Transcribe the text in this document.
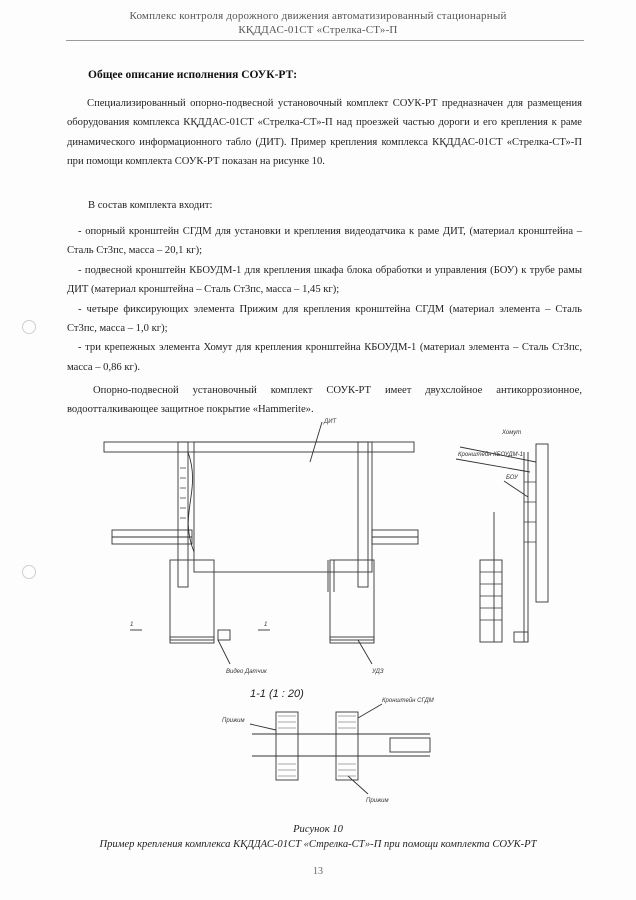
Комплекс контроля дорожного движения автоматизированный стационарный
КҚДДАС-01СТ «Стрелка-СТ»-П
Общее описание исполнения СОУК-РТ:

Специализированный опорно-подвесной установочный комплект СОУК-РТ предназначен для размещения оборудования комплекса КҚДДАС-01СТ «Стрелка-СТ»-П над проезжей частью дороги и его крепления к раме динамического информационного табло (ДИТ). Пример крепления комплекса КҚДДАС-01СТ «Стрелка-СТ»-П при помощи комплекта СОУК-РТ показан на рисунке 10.

В состав комплекта входит:
- опорный кронштейн СГДМ для установки и крепления видеодатчика к раме ДИТ, (материал кронштейна – Сталь Ст3пс, масса – 20,1 кг);
- подвесной кронштейн КБОУДМ-1 для крепления шкафа блока обработки и управления (БОУ) к трубе рамы ДИТ (материал кронштейна – Сталь Ст3пс, масса – 1,45 кг);
- четыре фиксирующих элемента Прижим для крепления кронштейна СГДМ (материал элемента – Сталь Ст3пс, масса – 1,0 кг);
- три крепежных элемента Хомут для крепления кронштейна КБОУДМ-1 (материал элемента – Сталь Ст3пс, масса – 0,86 кг).
Опорно-подвесной установочный комплект СОУК-РТ имеет двухслойное антикоррозионное, водоотталкивающее защитное покрытие «Hammerite».
ДИТ
Хомут
Кронштейн КБОУДМ-1
БОУ
1	1
Видео Датчик	УДЗ
Прижим
Кронштейн СГДМ
Прижим
1-1 (1 : 20)
Рисунок 10
Пример крепления комплекса КҚДДАС-01СТ «Стрелка-СТ»-П при помощи комплекта СОУК-РТ
13
